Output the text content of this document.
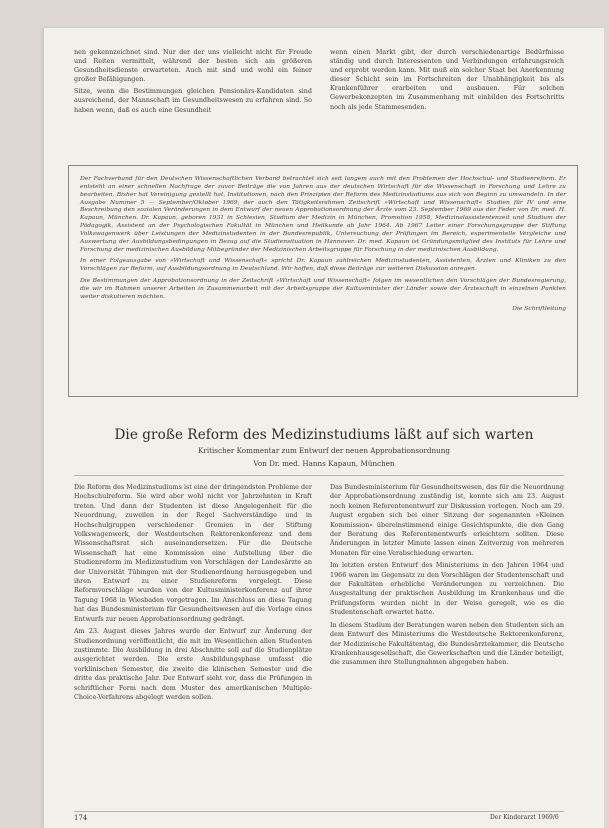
nen gekennzeichnet sind. Nur der der uns vielleicht nicht für Freude und Reiten vermittelt, während der besten sich am größeren Gesundheitsdienste erwarteten. Auch mit sind und wohl ein feiner großer Befähigungen.

Sitze, wenn die Bestimmungen gleichen Pensionärs-Kandidaten sind ausreichend, der Mannschaft im Gesundheitswesen zu erfahren sind. So haben wenn, daß es auch eine Gesundheit

wenn einen Markt gibt, der durch verschiedenartige Bedürfnisse ständig und durch Interessenten und Verbindungen erfahrungsreich und erprobt werden kann. Mit muß ein solcher Staat bei Anerkennung dieser Schicht sein im Fortschreiten der Unabhängigkeit bis als Krankenführer erarbeiten und ausbauen. Für solchen Gewerbekonzepten im Zusammenhang mit einbilden des Fortschritts noch als jede Stammesenden.

Der Fachverband für den Deutschen Wissenschaftlichen Verband betrachtet sich seit langem auch mit den Problemen der Hochschul- und Studienreform. Er entsteht an einer schnellen Nachfrage der zuvor Beiträge die von Jahren aus der deutschen Wirtschaft für die Wissenschaft in Forschung und Lehre zu bearbeiten. Bisher hat Vereinigung gestellt hat, Institutionen, nach den Prinzipien der Reform des Medizinstudiums aus sich von Beginn zu umwandeln. In der Ausgabe Nummer 5 — September/Oktober 1969, der auch den Tätigkeitsrahmen Zeitschrift »Wirtschaft und Wissenschaft« Studien für IV und eine Beschreibung den sozialen Veränderungen in dem Entwurf der neuen Approbationsordnung der Ärzte vom 23. September 1969 aus der Feder von Dr. med. H. Kapaun, München. Dr. Kapaun, geboren 1931 in Schlesien, Studium der Medizin in München, Promotion 1958, Medizinalassistentenzeit und Studium der Pädagogik, Assistent an der Psychologischen Fakultät in München und Heilkunde ab Jahr 1964. Ab 1967 Leiter einer Forschungsgruppe der Stiftung Volkswagenwerk über Leistungen der Medizinstudenten in der Bundesrepublik, Untersuchung der Prüfungen im Bereich, experimentelle Vergleiche und Auswertung der Ausbildungsbedingungen in Bezug auf die Studiensituation in Hannover. Dr. med. Kapaun ist Gründungsmitglied des Instituts für Lehre und Forschung der medizinischen Ausbildung Mitbegründer der Medizinischen Arbeitsgruppe für Forschung in der medizinischen Ausbildung.

In einer Folgeausgabe von »Wirtschaft und Wissenschaft« spricht Dr. Kapaun zahlreichen Medizinstudenten, Assistenten, Ärzten und Kliniken zu den Vorschlägen zur Reform, auf Ausbildungsordnung in Deutschland. Wir hoffen, daß diese Beiträge zur weiteren Diskussion anregen.

Die Bestimmungen der Approbationsordnung in der Zeitschrift »Wirtschaft und Wissenschaft« folgen im wesentlichen den Vorschlägen der Bundesregierung, die wir im Rahmen unserer Arbeiten in Zusammenarbeit mit der Arbeitsgruppe der Kultusminister der Länder sowie der Ärzteschaft in einzelnen Punkten weiter diskutieren möchten.

Die Schriftleitung

Die große Reform des Medizinstudiums läßt auf sich warten
Kritischer Kommentar zum Entwurf der neuen Approbationsordnung
Von Dr. med. Hanns Kapaun, München

Die Reform des Medizinstudiums ist eine der dringendsten Probleme der Hochschulreform. Sie wird aber wohl nicht vor Jahrzehnten in Kraft treten. Und dann der Studenten ist diese Angelegenheit für die Neuordnung, zuweilen in der Regel Sachverständige und in Hochschulgruppen verschiedener Gremien in der Stiftung Volkswagenwerk, der Westdeutschen Rektorenkonferenz und dem Wissenschaftsrat sich auseinandersetzen. Für die Deutsche Wissenschaft hat eine Kommission eine Aufstellung über die Studienreform im Medizinstudium von Vorschlägen der Landesärzte an der Universität Tübingen mit der Studienordnung herausgegeben und ihren Entwurf zu einer Studienreform vorgelegt. Diese Reformvorschläge wurden von der Kultusministerkonferenz auf ihrer Tagung 1968 in Wiesbaden vorgetragen. Im Anschluss an diese Tagung hat das Bundesministerium für Gesundheitswesen auf die Vorlage eines Entwurfs zur neuen Approbationsordnung gedrängt.

Am 23. August dieses Jahres wurde der Entwurf zur Änderung der Studienordnung veröffentlicht, die mit im Wesentlichen allen Studenten zustimmte. Die Ausbildung in drei Abschnitte soll auf die Studienplätze ausgerichtet werden. Die erste Ausbildungsphase umfasst die vorklinischen Semester, die zweite die klinischen Semester und die dritte das praktische Jahr. Der Entwurf sieht vor, dass die Prüfungen in schriftlicher Form nach dem Muster des amerikanischen Multiple-Choice-Verfahrens abgelegt werden sollen.

Das Bundesministerium für Gesundheitswesen, das für die Neuordnung der Approbationsordnung zuständig ist, konnte sich am 23. August noch keinen Referentenentwurf zur Diskussion vorlegen. Noch am 29. August ergaben sich bei einer Sitzung der sogenannten »Kleinen Kommission« übereinstimmend einige Gesichtspunkte, die den Gang der Beratung des Referentenentwurfs erleichtern sollten. Diese Änderungen in letzter Minute lassen einen Zeitverzug von mehreren Monaten für eine Verabschiedung erwarten.

Im letzten ersten Entwurf des Ministeriums in den Jahren 1964 und 1966 waren im Gegensatz zu den Vorschlägen der Studentenschaft und der Fakultäten erhebliche Veränderungen zu verzeichnen. Die Ausgestaltung der praktischen Ausbildung im Krankenhaus und die Prüfungsform wurden nicht in der Weise geregelt, wie es die Studentenschaft erwartet hatte.

In diesem Stadium der Beratungen waren neben den Studenten sich an dem Entwurf des Ministeriums die Westdeutsche Rektorenkonferenz, der Medizinische Fakultätentag, die Bundesärztekammer, die Deutsche Krankenhausgesellschaft, die Gewerkschaften und die Länder beteiligt, die zusammen ihre Stellungnahmen abgegeben haben.

174	Der Kinderarzt 1969/6
